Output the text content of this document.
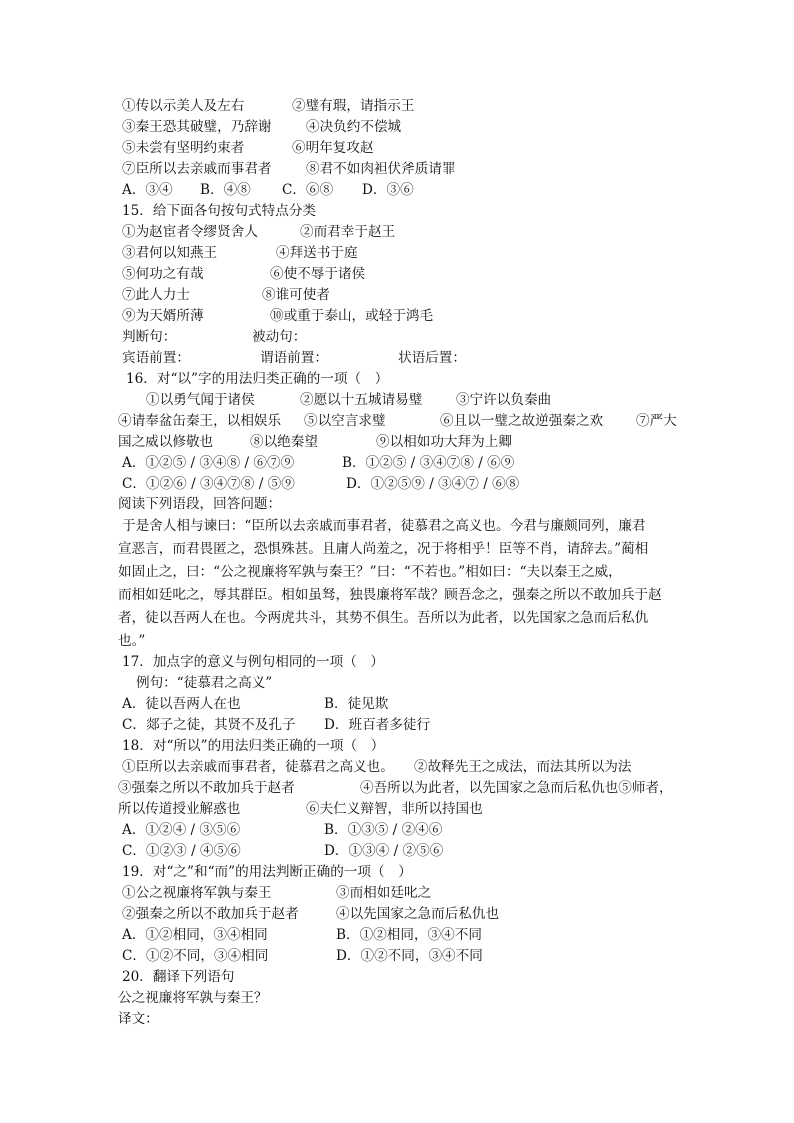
①传以示美人及左右	②璧有瑕，请指示王
③秦王恐其破璧，乃辞谢	④决负约不偿城
⑤未尝有坚明约束者	⑥明年复攻赵
⑦臣所以去亲戚而事君者	⑧君不如肉袒伏斧质请罪
A．③④ B．④⑧ C．⑥⑧ D．③⑥
15．给下面各句按句式特点分类
①为赵宦者令缪贤舍人	②而君幸于赵王
③君何以知燕王	④拜送书于庭
⑤何功之有哉	⑥使不辱于诸侯
⑦此人力士	⑧谁可使者
⑨为天婿所薄	⑩或重于泰山，或轻于鸿毛
判断句：	被动句：
宾语前置：	谓语前置：	状语后置：
16．对“以”字的用法归类正确的一项（　）
①以勇气闻于诸侯	②愿以十五城请易璧 ③宁许以负秦曲
④请奉盆缶秦王，以相娱乐 ⑤以空言求璧	⑥且以一璧之故逆强秦之欢 ⑦严大
国之威以修敬也	⑧以绝秦望	⑨以相如功大拜为上卿
A．①②⑤ / ③④⑧ / ⑥⑦⑨	B．①②⑤ / ③④⑦⑧ / ⑥⑨
C．①②⑥ / ③④⑦⑧ / ⑤⑨	D．①②⑤⑨ / ③④⑦ / ⑥⑧
阅读下列语段，回答问题：
于是舍人相与谏曰：“臣所以去亲戚而事君者，徒慕君之高义也。今君与廉颇同列，廉君
宣恶言，而君畏匿之，恐惧殊甚。且庸人尚羞之，况于将相乎！臣等不肖，请辞去。”蔺相
如固止之，曰：“公之视廉将军孰与秦王？”曰：“不若也。”相如曰：“夫以秦王之威，
而相如廷叱之，辱其群臣。相如虽驽，独畏廉将军哉？顾吾念之，强秦之所以不敢加兵于赵
者，徒以吾两人在也。今两虎共斗，其势不俱生。吾所以为此者，以先国家之急而后私仇
也。”
17．加点字的意义与例句相同的一项（　）
例句：“徒慕君之高义”
A．徒以吾两人在也	B．徒见欺
C．郯子之徒，其贤不及孔子 D．班百者多徒行
18．对“所以”的用法归类正确的一项（　）
①臣所以去亲戚而事君者，徒慕君之高义也。 ②故释先王之成法，而法其所以为法
③强秦之所以不敢加兵于赵者	④吾所以为此者，以先国家之急而后私仇也⑤师者，
所以传道授业解惑也	⑥夫仁义辩智，非所以持国也
A．①②④ / ③⑤⑥	B．①③⑤ / ②④⑥
C．①②③ / ④⑤⑥	D．①③④ / ②⑤⑥
19．对“之”和“而”的用法判断正确的一项（　）
①公之视廉将军孰与秦王	③而相如廷叱之
②强秦之所以不敢加兵于赵者	④以先国家之急而后私仇也
A．①②相同，③④相同	B．①②相同，③④不同
C．①②不同，③④相同	D．①②不同，③④不同
20．翻译下列语句
公之视廉将军孰与秦王？
译文：
